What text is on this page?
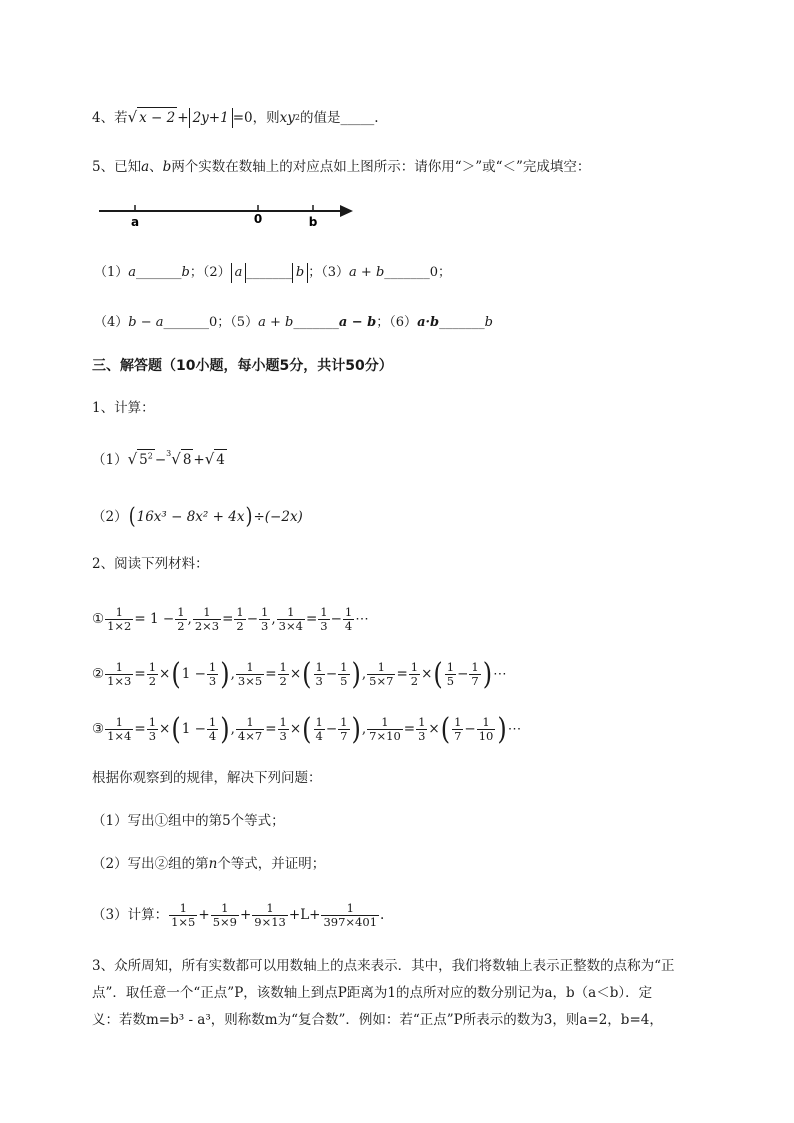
4、若 √ x − 2 + 2y+1 =0，则 xy 2 的值是_____.
5、已知 a 、 b 两个实数在数轴上的对应点如上图所示：请你用“＞”或“＜”完成填空：
a	0	b
（1） a _______ b ；（2） a _______ b ；（3） a + b _______ 0 ；
（4） b − a _______ 0 ；（5） a + b _______ a − b ；（6） a·b _______ b
三、解答题（10小题，每小题5分，共计50分）
1、计算：
（1） √ $5^2 - 3$ √ 8 + √ 4
（2） ( 16x³ − 8x² + 4x ) ÷ (−2x)
2、阅读下列材料：
① $\frac{1}{1\times 2} = 1 - \frac{1}{2}$ , $\frac{1}{2\times 3} = \frac{1}{2} - \frac{1}{3}$ , $\frac{1}{3\times 4} = \frac{1}{3} - \frac{1}{4}$ ⋯
② $\frac{1}{1\times 3} = \frac{1}{2}$ × ( $1 - \frac{1}{3}$ ) , $\frac{1}{3\times 5} = \frac{1}{2}$ × ( $\frac{1}{3} - \frac{1}{5}$ ) , $\frac{1}{5\times 7} = \frac{1}{2}$ × ( $\frac{1}{5} - \frac{1}{7}$ ) ⋯
③ $\frac{1}{1\times 4} = \frac{1}{3}$ × ( $1 - \frac{1}{4}$ ) , $\frac{1}{4\times 7} = \frac{1}{3}$ × ( $\frac{1}{4} - \frac{1}{7}$ ) , $\frac{1}{7\times 10} = \frac{1}{3}$ × ( $\frac{1}{7} - \frac{1}{10}$ ) ⋯
根据你观察到的规律，解决下列问题：
（1）写出①组中的第5个等式；
（2）写出②组的第 n 个等式，并证明；
（3）计算： $\frac{1}{1\times 5} + \frac{1}{5\times 9} + \frac{1}{9\times 13} + L + \frac{1}{397\times 401}$ .
3、众所周知，所有实数都可以用数轴上的点来表示．其中，我们将数轴上表示正整数的点称为“正
点”．取任意一个“正点”P，该数轴上到点P距离为1的点所对应的数分别记为a，b（a＜b）．定
义：若数m=b³ - a³，则称数m为“复合数”．例如：若“正点”P所表示的数为3，则a=2，b=4，
